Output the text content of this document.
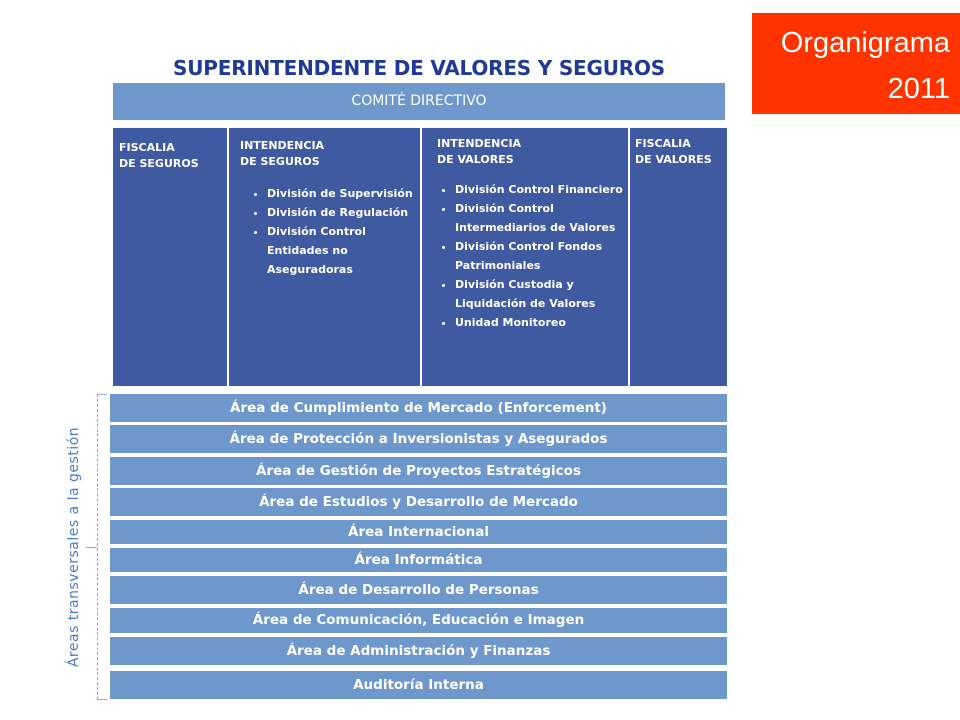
Organigrama
2011
SUPERINTENDENTE DE VALORES Y SEGUROS
COMITÉ DIRECTIVO
FISCALIA
DE SEGUROS
INTENDENCIA
DE SEGUROS
• División de Supervisión
• División de Regulación
• División Control Entidades no Aseguradoras
INTENDENCIA
DE VALORES
• División Control Financiero
• División Control Intermediarios de Valores
• División Control Fondos Patrimoniales
• División Custodia y Liquidación de Valores
• Unidad Monitoreo
FISCALIA
DE VALORES
Área de Cumplimiento de Mercado (Enforcement)
Área de Protección a Inversionistas y Asegurados
Área de Gestión de Proyectos Estratégicos
Área de Estudios y Desarrollo de Mercado
Área Internacional
Área Informática
Área de Desarrollo de Personas
Área de Comunicación, Educación e Imagen
Área de Administración y Finanzas
Auditoría Interna
Áreas transversales a la gestión
